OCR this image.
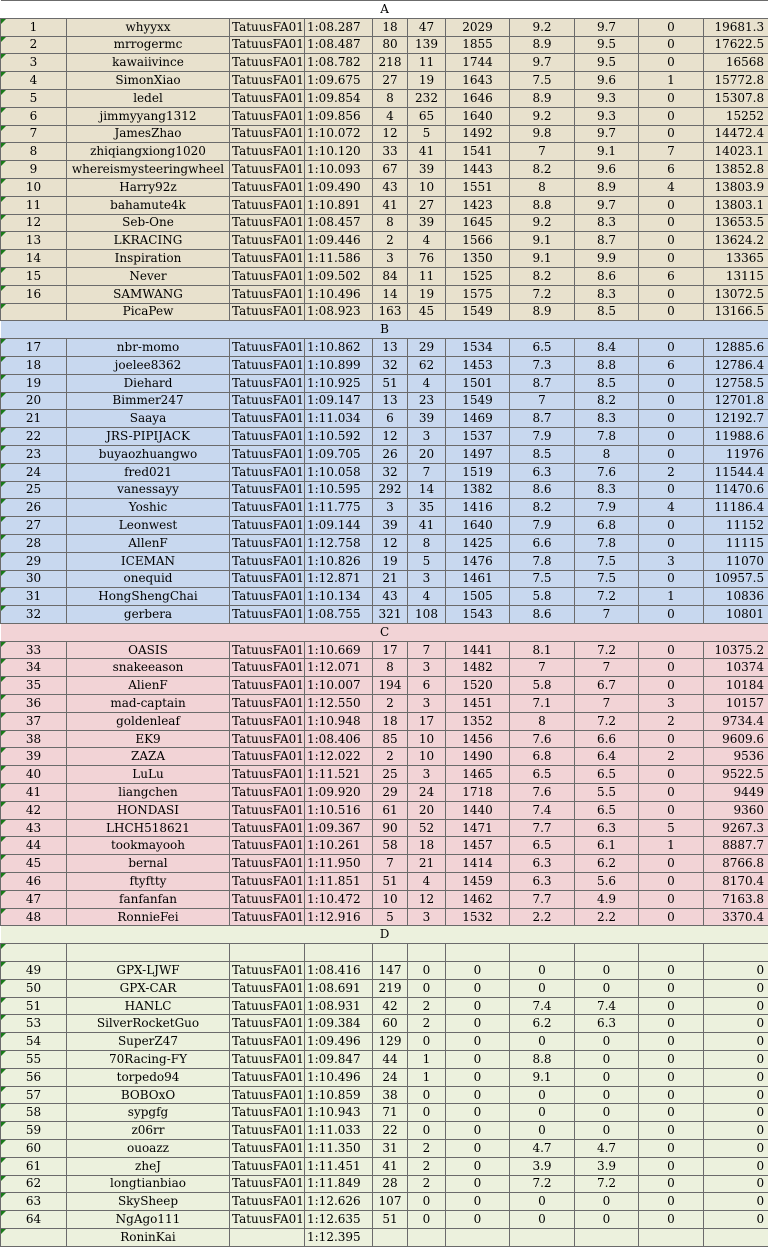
A										
1	whyyxx	TatuusFA01	1:08.287	18	47	2029	9.2	9.7	0	19681.3
2	mrrogermc	TatuusFA01	1:08.487	80	139	1855	8.9	9.5	0	17622.5
3	kawaiivince	TatuusFA01	1:08.782	218	11	1744	9.7	9.5	0	16568
4	SimonXiao	TatuusFA01	1:09.675	27	19	1643	7.5	9.6	1	15772.8
5	ledel	TatuusFA01	1:09.854	8	232	1646	8.9	9.3	0	15307.8
6	jimmyyang1312	TatuusFA01	1:09.856	4	65	1640	9.2	9.3	0	15252
7	JamesZhao	TatuusFA01	1:10.072	12	5	1492	9.8	9.7	0	14472.4
8	zhiqiangxiong1020	TatuusFA01	1:10.120	33	41	1541	7	9.1	7	14023.1
9	whereismysteeringwheel	TatuusFA01	1:10.093	67	39	1443	8.2	9.6	6	13852.8
10	Harry92z	TatuusFA01	1:09.490	43	10	1551	8	8.9	4	13803.9
11	bahamute4k	TatuusFA01	1:10.891	41	27	1423	8.8	9.7	0	13803.1
12	Seb-One	TatuusFA01	1:08.457	8	39	1645	9.2	8.3	0	13653.5
13	LKRACING	TatuusFA01	1:09.446	2	4	1566	9.1	8.7	0	13624.2
14	Inspiration	TatuusFA01	1:11.586	3	76	1350	9.1	9.9	0	13365
15	Never	TatuusFA01	1:09.502	84	11	1525	8.2	8.6	6	13115
16	SAMWANG	TatuusFA01	1:10.496	14	19	1575	7.2	8.3	0	13072.5
	PicaPew	TatuusFA01	1:08.923	163	45	1549	8.9	8.5	0	13166.5
B										
17	nbr-momo	TatuusFA01	1:10.862	13	29	1534	6.5	8.4	0	12885.6
18	joelee8362	TatuusFA01	1:10.899	32	62	1453	7.3	8.8	6	12786.4
19	Diehard	TatuusFA01	1:10.925	51	4	1501	8.7	8.5	0	12758.5
20	Bimmer247	TatuusFA01	1:09.147	13	23	1549	7	8.2	0	12701.8
21	Saaya	TatuusFA01	1:11.034	6	39	1469	8.7	8.3	0	12192.7
22	JRS-PIPIJACK	TatuusFA01	1:10.592	12	3	1537	7.9	7.8	0	11988.6
23	buyaozhuangwo	TatuusFA01	1:09.705	26	20	1497	8.5	8	0	11976
24	fred021	TatuusFA01	1:10.058	32	7	1519	6.3	7.6	2	11544.4
25	vanessayy	TatuusFA01	1:10.595	292	14	1382	8.6	8.3	0	11470.6
26	Yoshic	TatuusFA01	1:11.775	3	35	1416	8.2	7.9	4	11186.4
27	Leonwest	TatuusFA01	1:09.144	39	41	1640	7.9	6.8	0	11152
28	AllenF	TatuusFA01	1:12.758	12	8	1425	6.6	7.8	0	11115
29	ICEMAN	TatuusFA01	1:10.826	19	5	1476	7.8	7.5	3	11070
30	onequid	TatuusFA01	1:12.871	21	3	1461	7.5	7.5	0	10957.5
31	HongShengChai	TatuusFA01	1:10.134	43	4	1505	5.8	7.2	1	10836
32	gerbera	TatuusFA01	1:08.755	321	108	1543	8.6	7	0	10801
C										
33	OASIS	TatuusFA01	1:10.669	17	7	1441	8.1	7.2	0	10375.2
34	snakeeason	TatuusFA01	1:12.071	8	3	1482	7	7	0	10374
35	AlienF	TatuusFA01	1:10.007	194	6	1520	5.8	6.7	0	10184
36	mad-captain	TatuusFA01	1:12.550	2	3	1451	7.1	7	3	10157
37	goldenleaf	TatuusFA01	1:10.948	18	17	1352	8	7.2	2	9734.4
38	EK9	TatuusFA01	1:08.406	85	10	1456	7.6	6.6	0	9609.6
39	ZAZA	TatuusFA01	1:12.022	2	10	1490	6.8	6.4	2	9536
40	LuLu	TatuusFA01	1:11.521	25	3	1465	6.5	6.5	0	9522.5
41	liangchen	TatuusFA01	1:09.920	29	24	1718	7.6	5.5	0	9449
42	HONDASI	TatuusFA01	1:10.516	61	20	1440	7.4	6.5	0	9360
43	LHCH518621	TatuusFA01	1:09.367	90	52	1471	7.7	6.3	5	9267.3
44	tookmayooh	TatuusFA01	1:10.261	58	18	1457	6.5	6.1	1	8887.7
45	bernal	TatuusFA01	1:11.950	7	21	1414	6.3	6.2	0	8766.8
46	ftyftty	TatuusFA01	1:11.851	51	4	1459	6.3	5.6	0	8170.4
47	fanfanfan	TatuusFA01	1:10.472	10	12	1462	7.7	4.9	0	7163.8
48	RonnieFei	TatuusFA01	1:12.916	5	3	1532	2.2	2.2	0	3370.4
D										

49	GPX-LJWF	TatuusFA01	1:08.416	147	0	0	0	0	0	0
50	GPX-CAR	TatuusFA01	1:08.691	219	0	0	0	0	0	0
51	HANLC	TatuusFA01	1:08.931	42	2	0	7.4	7.4	0	0
53	SilverRocketGuo	TatuusFA01	1:09.384	60	2	0	6.2	6.3	0	0
54	SuperZ47	TatuusFA01	1:09.496	129	0	0	0	0	0	0
55	70Racing-FY	TatuusFA01	1:09.847	44	1	0	8.8	0	0	0
56	torpedo94	TatuusFA01	1:10.496	24	1	0	9.1	0	0	0
57	BOBOxO	TatuusFA01	1:10.859	38	0	0	0	0	0	0
58	sypgfg	TatuusFA01	1:10.943	71	0	0	0	0	0	0
59	z06rr	TatuusFA01	1:11.033	22	0	0	0	0	0	0
60	ouoazz	TatuusFA01	1:11.350	31	2	0	4.7	4.7	0	0
61	zheJ	TatuusFA01	1:11.451	41	2	0	3.9	3.9	0	0
62	longtianbiao	TatuusFA01	1:11.849	28	2	0	7.2	7.2	0	0
63	SkySheep	TatuusFA01	1:12.626	107	0	0	0	0	0	0
64	NgAgo111	TatuusFA01	1:12.635	51	0	0	0	0	0	0
	RoninKai		1:12.395							
